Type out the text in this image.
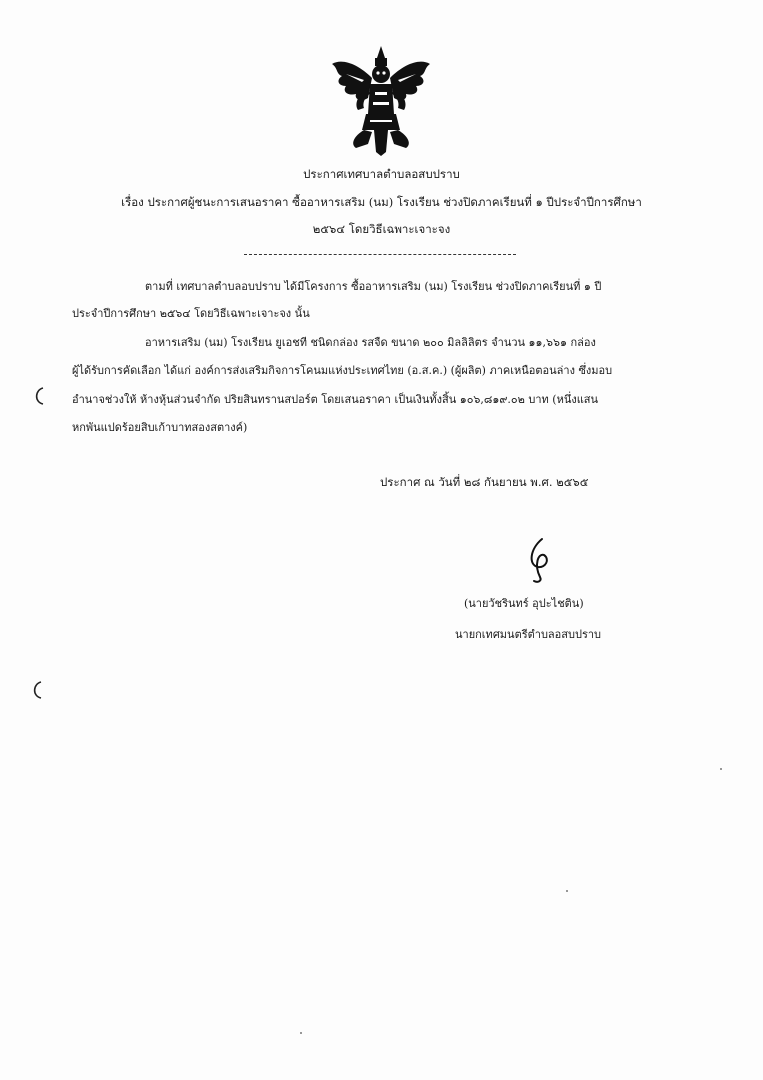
ประกาศเทศบาลตำบลอสบปราบ
เรื่อง ประกาศผู้ชนะการเสนอราคา ซื้ออาหารเสริม (นม) โรงเรียน ช่วงปิดภาคเรียนที่ ๑ ปีประจำปีการศึกษา
๒๕๖๔ โดยวิธีเฉพาะเจาะจง
ตามที่ เทศบาลตำบลอบปราบ ได้มีโครงการ ซื้ออาหารเสริม (นม) โรงเรียน ช่วงปิดภาคเรียนที่ ๑ ปี
ประจำปีการศึกษา ๒๕๖๔ โดยวิธีเฉพาะเจาะจง นั้น
อาหารเสริม (นม) โรงเรียน ยูเอชที ชนิดกล่อง รสจืด ขนาด ๒๐๐ มิลลิลิตร จำนวน ๑๑,๖๖๑ กล่อง
ผู้ได้รับการคัดเลือก ได้แก่ องค์การส่งเสริมกิจการโคนมแห่งประเทศไทย (อ.ส.ค.) (ผู้ผลิต) ภาคเหนือตอนล่าง ซึ่งมอบ
อำนาจช่วงให้ ห้างหุ้นส่วนจำกัด ปริยสินทรานสปอร์ต โดยเสนอราคา เป็นเงินทั้งสิ้น ๑๐๖,๘๑๙.๐๒ บาท (หนึ่งแสน
หกพันแปดร้อยสิบเก้าบาทสองสตางค์)
ประกาศ ณ วันที่ ๒๘ กันยายน พ.ศ. ๒๕๖๕
(นายวัชรินทร์ อุปะไชติน)
นายกเทศมนตรีตำบลอสบปราบ
